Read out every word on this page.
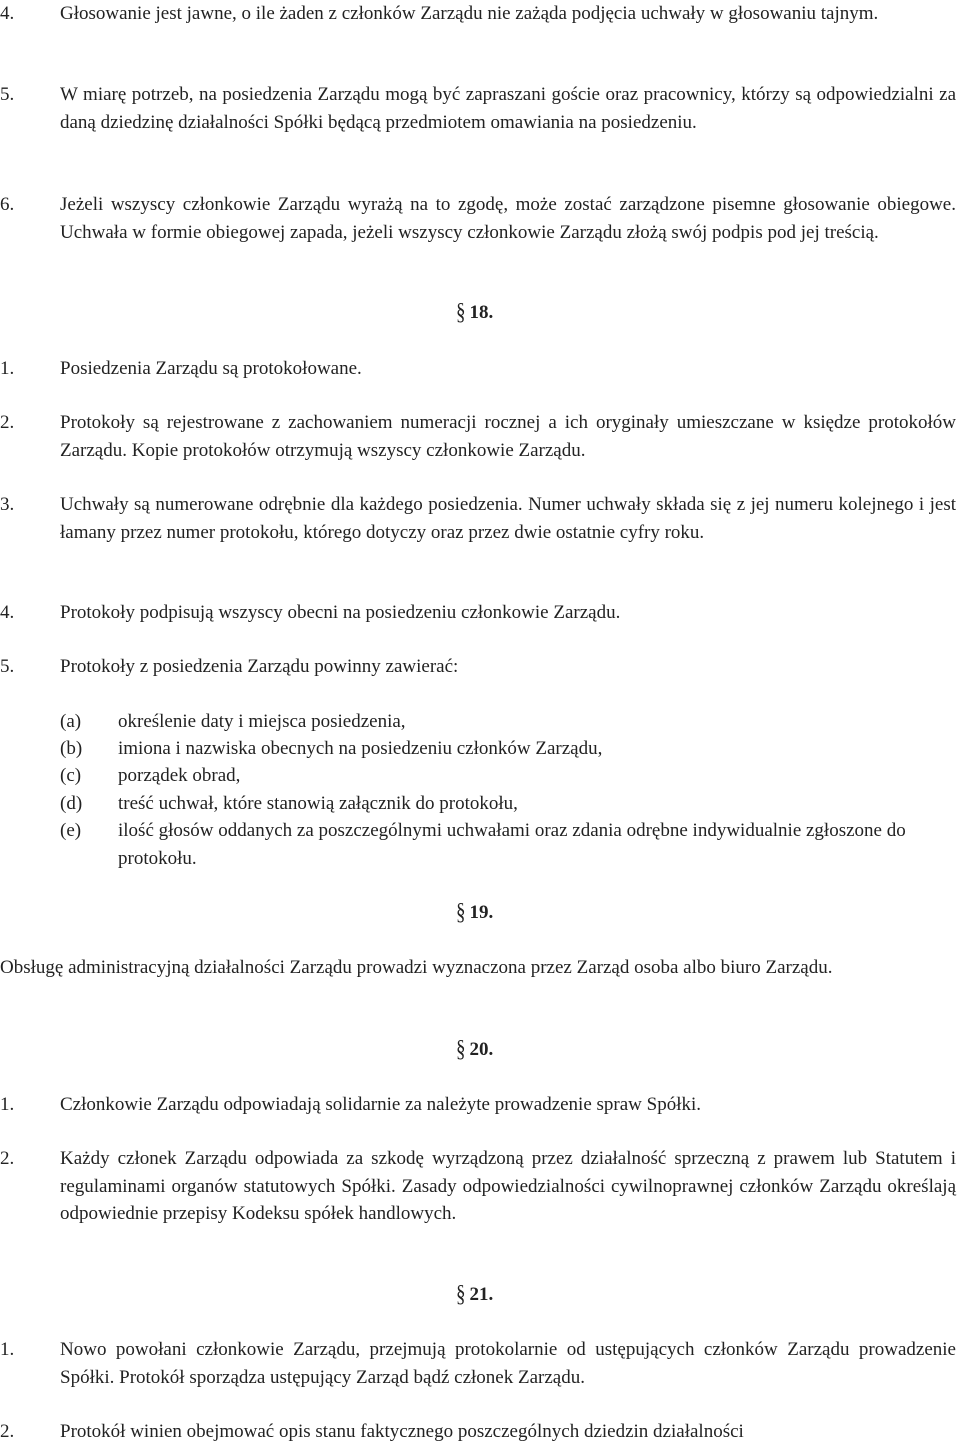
4.	Głosowanie jest jawne, o ile żaden z członków Zarządu nie zażąda podjęcia uchwały w głosowaniu tajnym.
5.	W miarę potrzeb, na posiedzenia Zarządu mogą być zapraszani goście oraz pracownicy, którzy są odpowiedzialni za daną dziedzinę działalności Spółki będącą przedmiotem omawiania na posiedzeniu.
6.	Jeżeli wszyscy członkowie Zarządu wyrażą na to zgodę, może zostać zarządzone pisemne głosowanie obiegowe. Uchwała w formie obiegowej zapada, jeżeli wszyscy członkowie Zarządu złożą swój podpis pod jej treścią.
§ 18.
1.	Posiedzenia Zarządu są protokołowane.
2.	Protokoły są rejestrowane z zachowaniem numeracji rocznej a ich oryginały umieszczane w księdze protokołów Zarządu. Kopie protokołów otrzymują wszyscy członkowie Zarządu.
3.	Uchwały są numerowane odrębnie dla każdego posiedzenia. Numer uchwały składa się z jej numeru kolejnego i jest łamany przez numer protokołu, którego dotyczy oraz przez dwie ostatnie cyfry roku.
4.	Protokoły podpisują wszyscy obecni na posiedzeniu członkowie Zarządu.
5.	Protokoły z posiedzenia Zarządu powinny zawierać:
(a)	określenie daty i miejsca posiedzenia,
(b)	imiona i nazwiska obecnych na posiedzeniu członków Zarządu,
(c)	porządek obrad,
(d)	treść uchwał, które stanowią załącznik do protokołu,
(e)	ilość głosów oddanych za poszczególnymi uchwałami oraz zdania odrębne indywidualnie zgłoszone do protokołu.
§ 19.
Obsługę administracyjną działalności Zarządu prowadzi wyznaczona przez Zarząd osoba albo biuro Zarządu.
§ 20.
1.	Członkowie Zarządu odpowiadają solidarnie za należyte prowadzenie spraw Spółki.
2.	Każdy członek Zarządu odpowiada za szkodę wyrządzoną przez działalność sprzeczną z prawem lub Statutem i regulaminami organów statutowych Spółki. Zasady odpowiedzialności cywilnoprawnej członków Zarządu określają odpowiednie przepisy Kodeksu spółek handlowych.
§ 21.
1.	Nowo powołani członkowie Zarządu, przejmują protokolarnie od ustępujących członków Zarządu prowadzenie Spółki. Protokół sporządza ustępujący Zarząd bądź członek Zarządu.
2.	Protokół winien obejmować opis stanu faktycznego poszczególnych dziedzin działalności
